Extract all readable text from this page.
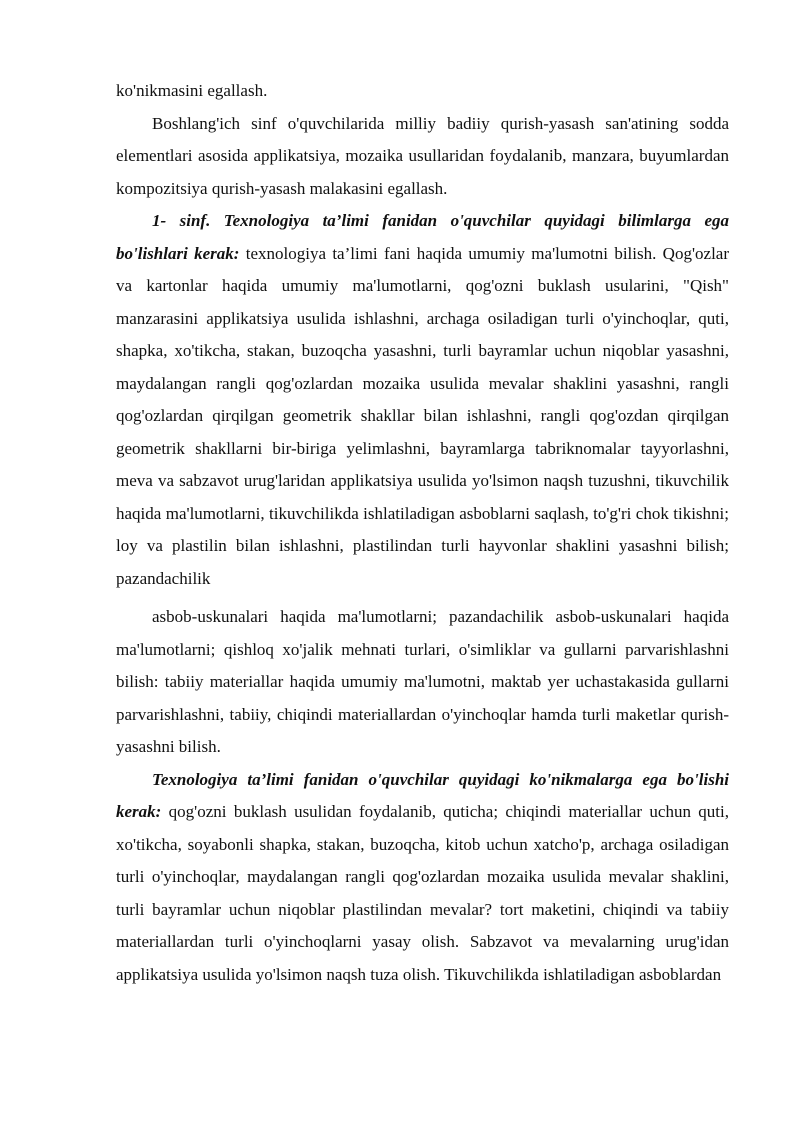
ko'nikmasini egallash.

Boshlang'ich sinf o'quvchilarida milliy badiiy qurish-yasash san'atining sodda elementlari asosida applikatsiya, mozaika usullaridan foydalanib, manzara, buyumlardan kompozitsiya qurish-yasash malakasini egallash.

1- sinf. Texnologiya ta’limi fanidan o'quvchilar quyidagi bilimlarga ega bo'lishlari kerak: texnologiya ta’limi fani haqida umumiy ma'lumotni bilish. Qog'ozlar va kartonlar haqida umumiy ma'lumotlarni, qog'ozni buklash usularini, "Qish" manzarasini applikatsiya usulida ishlashni, archaga osiladigan turli o'yinchoqlar, quti, shapka, xo'tikcha, stakan, buzoqcha yasashni, turli bayramlar uchun niqoblar yasashni, maydalangan rangli qog'ozlardan mozaika usulida mevalar shaklini yasashni, rangli qog'ozlardan qirqilgan geometrik shakllar bilan ishlashni, rangli qog'ozdan qirqilgan geometrik shakllarni bir-biriga yelimlashni, bayramlarga tabriknomalar tayyorlashni, meva va sabzavot urug'laridan applikatsiya usulida yo'lsimon naqsh tuzushni, tikuvchilik haqida ma'lumotlarni, tikuvchilikda ishlatiladigan asboblarni saqlash, to'g'ri chok tikishni; loy va plastilin bilan ishlashni, plastilindan turli hayvonlar shaklini yasashni bilish; pazandachilik

asbob-uskunalari haqida ma'lumotlarni; pazandachilik asbob-uskunalari haqida ma'lumotlarni; qishloq xo'jalik mehnati turlari, o'simliklar va gullarni parvarishlashni bilish: tabiiy materiallar haqida umumiy ma'lumotni, maktab yer uchastakasida gullarni parvarishlashni, tabiiy, chiqindi materiallardan o'yinchoqlar hamda turli maketlar qurish-yasashni bilish.

Texnologiya ta’limi fanidan o'quvchilar quyidagi ko'nikmalarga ega bo'lishi kerak: qog'ozni buklash usulidan foydalanib, quticha; chiqindi materiallar uchun quti, xo'tikcha, soyabonli shapka, stakan, buzoqcha, kitob uchun xatcho'p, archaga osiladigan turli o'yinchoqlar, maydalangan rangli qog'ozlardan mozaika usulida mevalar shaklini, turli bayramlar uchun niqoblar plastilindan mevalar? tort maketini, chiqindi va tabiiy materiallardan turli o'yinchoqlarni yasay olish. Sabzavot va mevalarning urug'idan applikatsiya usulida yo'lsimon naqsh tuza olish. Tikuvchilikda ishlatiladigan asboblardan
